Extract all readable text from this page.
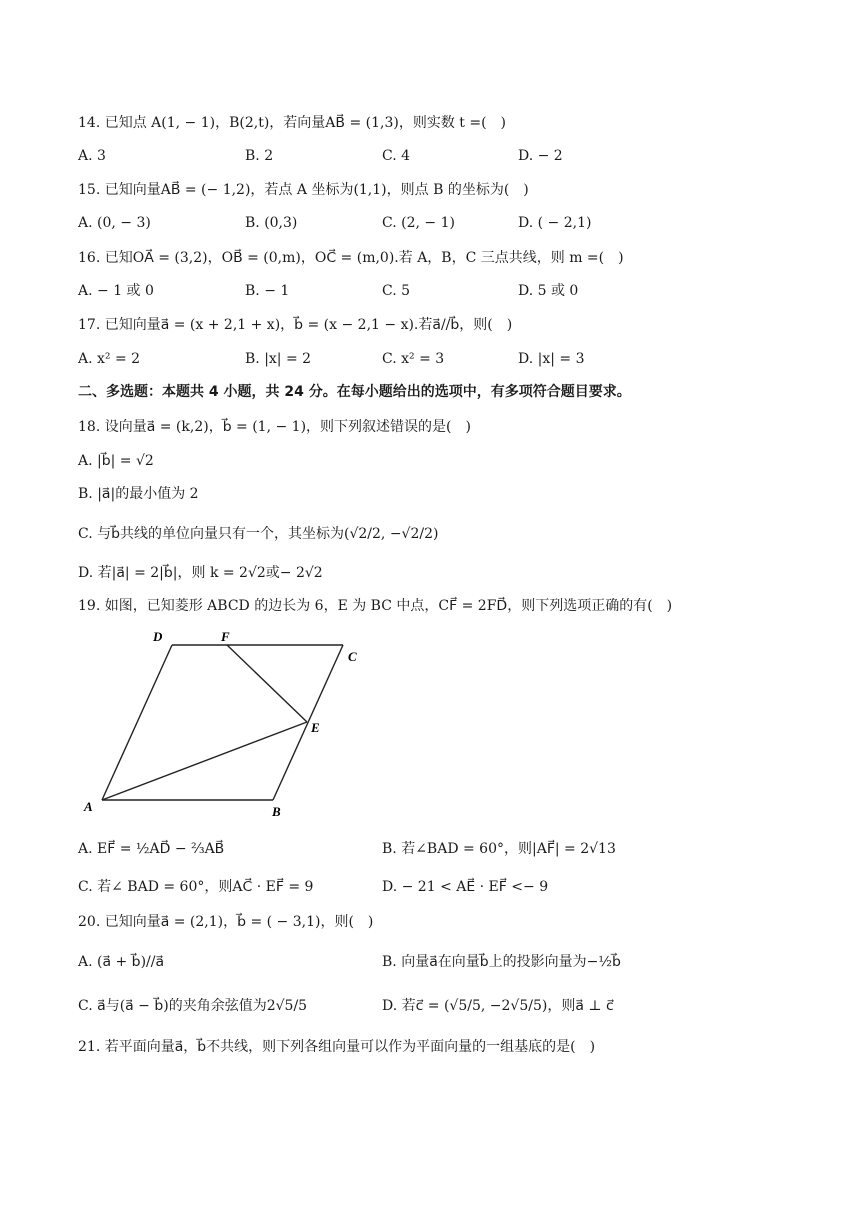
14. 已知点 A(1, − 1)，B(2,t)，若向量AB⃗ = (1,3)，则实数 t =(　)
A. 3	B. 2	C. 4	D. − 2
15. 已知向量AB⃗ = (− 1,2)，若点 A 坐标为(1,1)，则点 B 的坐标为(　)
A. (0, − 3)	B. (0,3)	C. (2, − 1)	D. ( − 2,1)
16. 已知OA⃗ = (3,2)，OB⃗ = (0,m)，OC⃗ = (m,0).若 A，B，C 三点共线，则 m =(　)
A. − 1 或 0	B. − 1	C. 5	D. 5 或 0
17. 已知向量a⃗ = (x + 2,1 + x)，b⃗ = (x − 2,1 − x).若a⃗//b⃗，则(　)
A. x² = 2	B. |x| = 2	C. x² = 3	D. |x| = 3
二、多选题：本题共 4 小题，共 24 分。在每小题给出的选项中，有多项符合题目要求。
18. 设向量a⃗ = (k,2)，b⃗ = (1, − 1)，则下列叙述错误的是(　)
A. |b⃗| = √2
B. |a⃗|的最小值为 2
C. 与b⃗共线的单位向量只有一个，其坐标为(√2/2, −√2/2)
D. 若|a⃗| = 2|b⃗|，则 k = 2√2或− 2√2
19. 如图，已知菱形 ABCD 的边长为 6，E 为 BC 中点，CF⃗ = 2FD⃗，则下列选项正确的有(　)
A	B
C
D
E
F
A. EF⃗ = ½AD⃗ − ⅔AB⃗	B. 若∠BAD = 60°，则|AF⃗| = 2√13
C. 若∠ BAD = 60°，则AC⃗ · EF⃗ = 9	D. − 21 < AE⃗ · EF⃗ <− 9
20. 已知向量a⃗ = (2,1)，b⃗ = ( − 3,1)，则(　)
A. (a⃗ + b⃗)//a⃗	B. 向量a⃗在向量b⃗上的投影向量为−½b⃗
C. a⃗与(a⃗ − b⃗)的夹角余弦值为2√5/5	D. 若c⃗ = (√5/5, −2√5/5)，则a⃗ ⊥ c⃗
21. 若平面向量a⃗，b⃗不共线，则下列各组向量可以作为平面向量的一组基底的是(　)
